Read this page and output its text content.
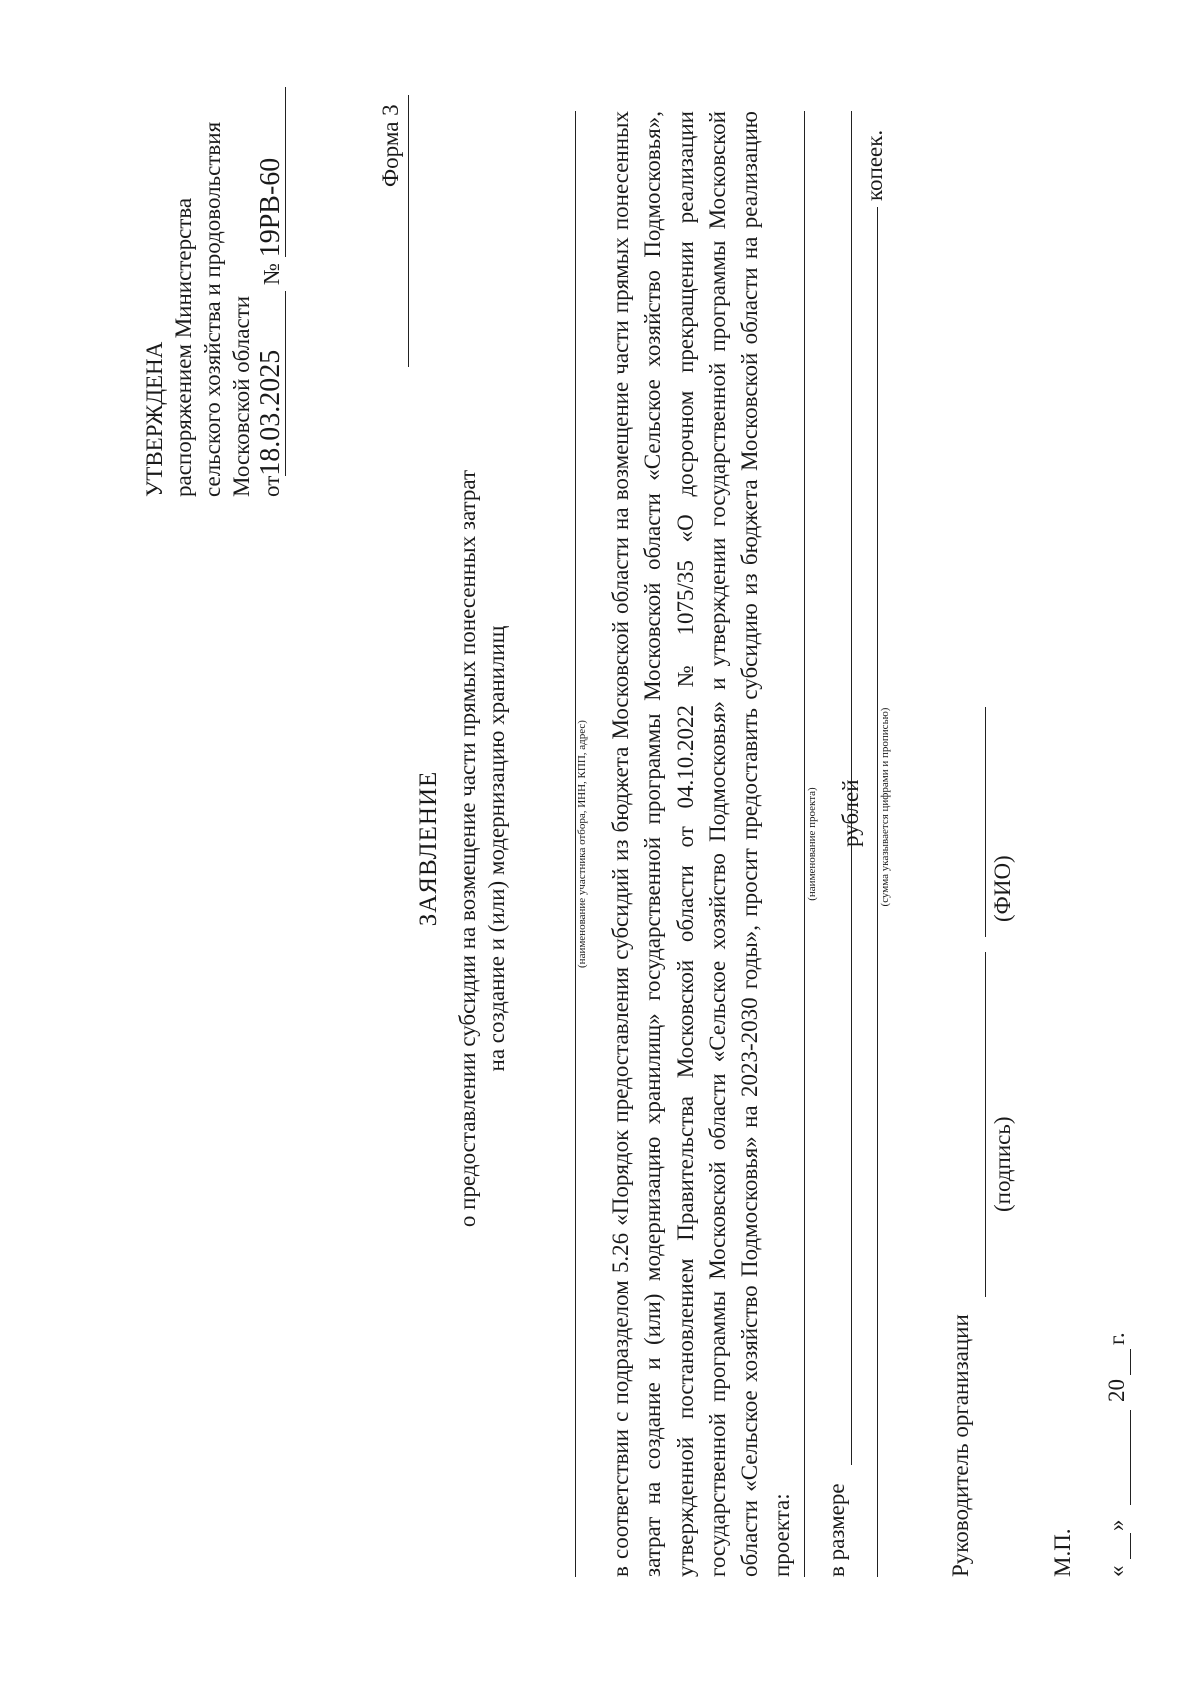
УТВЕРЖДЕНА распоряжением Министерства сельского хозяйства и продовольствия Московской области от18.03.2025 № 19РВ-60
Форма 3
ЗАЯВЛЕНИЕ о предоставлении субсидии на возмещение части прямых понесенных затрат на создание и (или) модернизацию хранилищ	(наименование участника отбора, ИНН, КПП, адрес) в соответствии с подразделом 5.26 «Порядок предоставления субсидий из бюджета Московской области на возмещение части прямых понесенных затрат на создание и (или) модернизацию хранилищ» государственной программы Московской области «Сельское хозяйство Подмосковья», утвержденной постановлением Правительства Московской области от 04.10.2022 № 1075/35 «О досрочном прекращении реализации государственной программы Московской области «Сельское хозяйство Подмосковья» и утверждении государственной программы Московской области «Сельское хозяйство Подмосковья» на 2023-2030 годы», просит предоставить субсидию из бюджета Московской области на реализацию проекта:
(наименование проекта)
в размере
рублей
копеек.
(сумма указывается цифрами и прописью)
Руководитель организации
(подпись)
(ФИО)
М.П. «
»
20
г.
